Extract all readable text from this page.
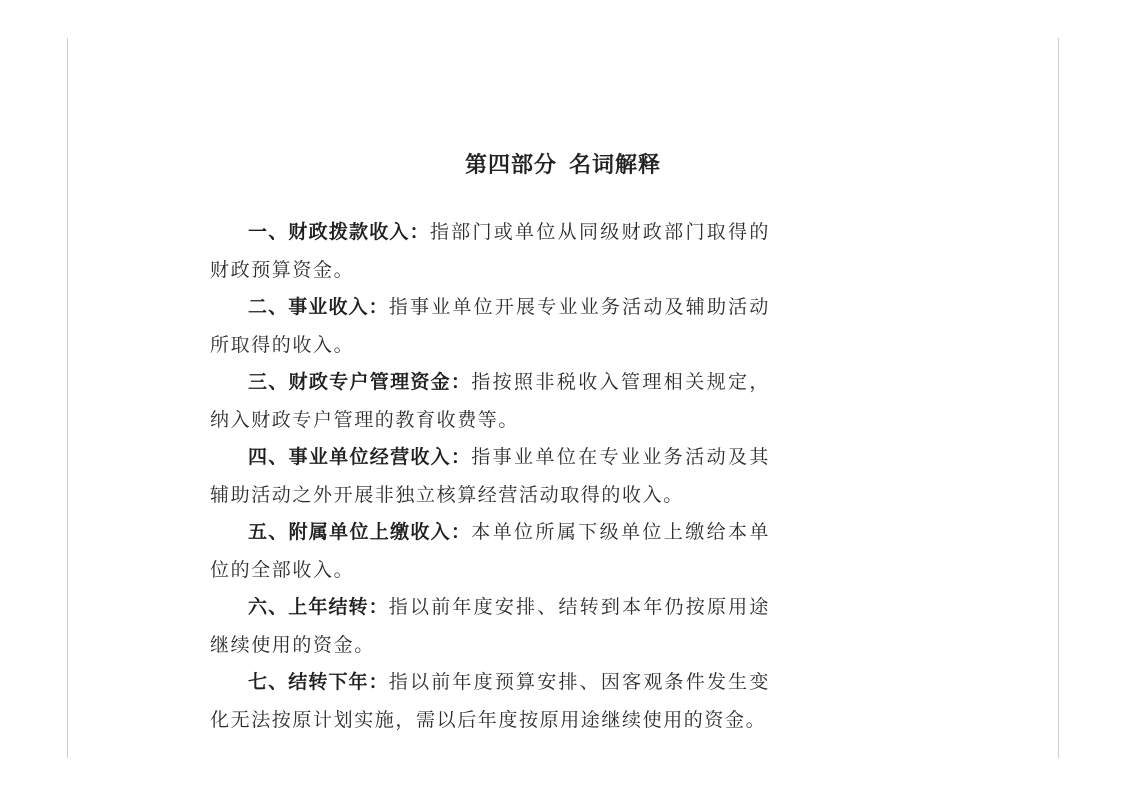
第四部分 名词解释

一、财政拨款收入：指部门或单位从同级财政部门取得的财政预算资金。

二、事业收入：指事业单位开展专业业务活动及辅助活动所取得的收入。

三、财政专户管理资金：指按照非税收入管理相关规定，纳入财政专户管理的教育收费等。

四、事业单位经营收入：指事业单位在专业业务活动及其辅助活动之外开展非独立核算经营活动取得的收入。

五、附属单位上缴收入：本单位所属下级单位上缴给本单位的全部收入。

六、上年结转：指以前年度安排、结转到本年仍按原用途继续使用的资金。

七、结转下年：指以前年度预算安排、因客观条件发生变化无法按原计划实施，需以后年度按原用途继续使用的资金。
